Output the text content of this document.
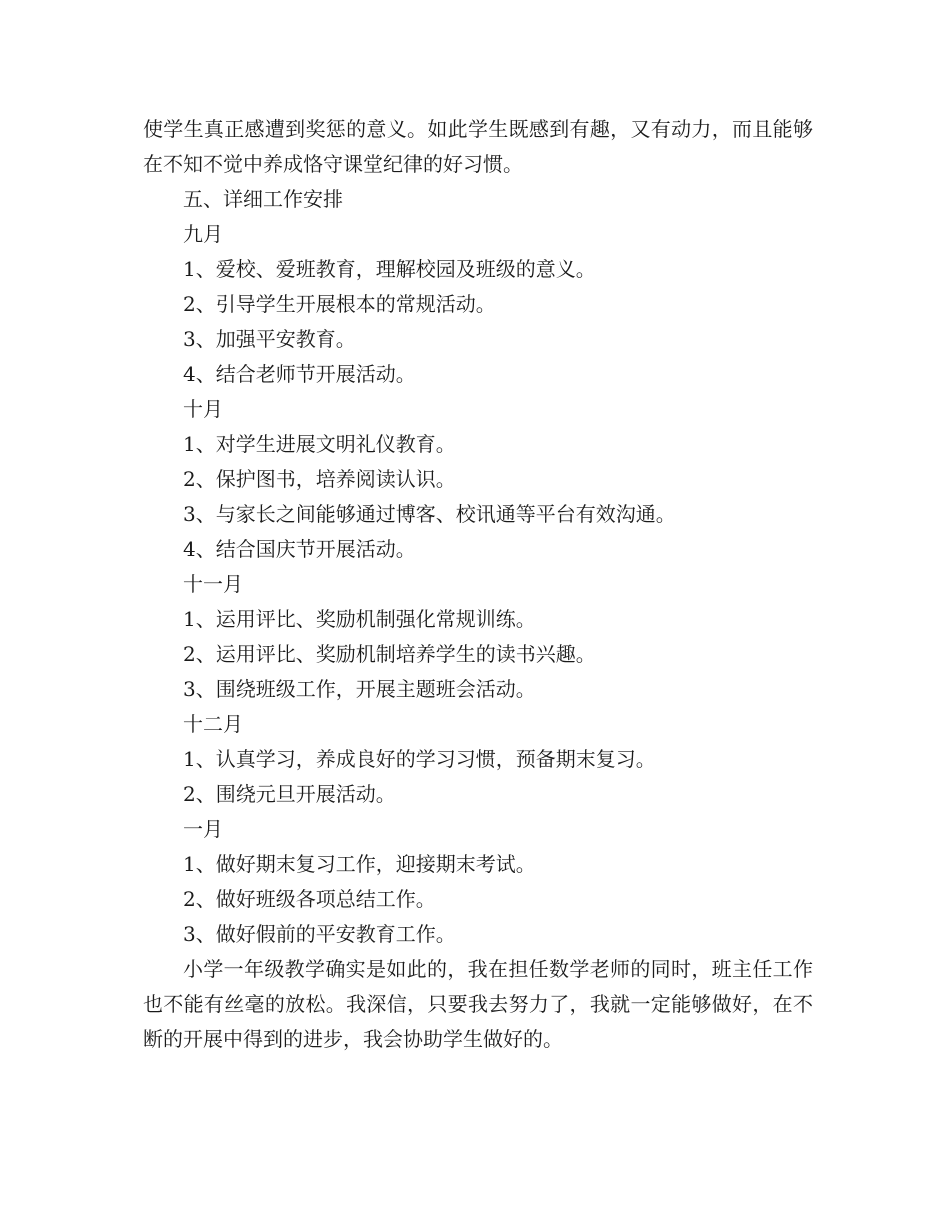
使学生真正感遭到奖惩的意义。如此学生既感到有趣，又有动力，而且能够在不知不觉中养成恪守课堂纪律的好习惯。
五、详细工作安排
九月
1、爱校、爱班教育，理解校园及班级的意义。
2、引导学生开展根本的常规活动。
3、加强平安教育。
4、结合老师节开展活动。
十月
1、对学生进展文明礼仪教育。
2、保护图书，培养阅读认识。
3、与家长之间能够通过博客、校讯通等平台有效沟通。
4、结合国庆节开展活动。
十一月
1、运用评比、奖励机制强化常规训练。
2、运用评比、奖励机制培养学生的读书兴趣。
3、围绕班级工作，开展主题班会活动。
十二月
1、认真学习，养成良好的学习习惯，预备期末复习。
2、围绕元旦开展活动。
一月
1、做好期末复习工作，迎接期末考试。
2、做好班级各项总结工作。
3、做好假前的平安教育工作。
小学一年级教学确实是如此的，我在担任数学老师的同时，班主任工作也不能有丝毫的放松。我深信，只要我去努力了，我就一定能够做好，在不断的开展中得到的进步，我会协助学生做好的。
